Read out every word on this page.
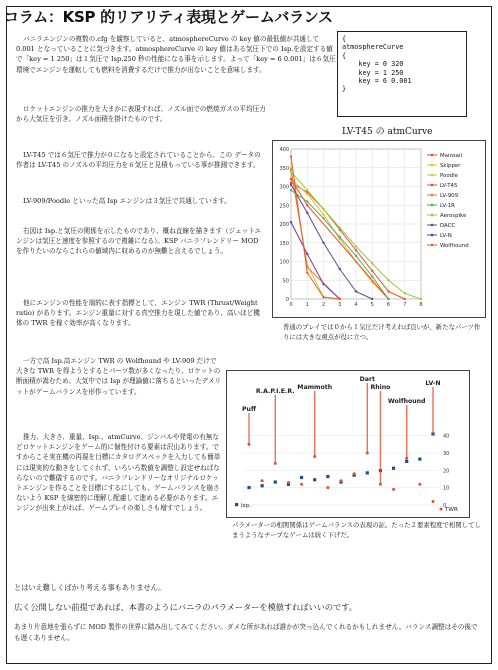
コラム：KSP 的リアリティ表現とゲームバランス
バニラエンジンの複数の.cfg を観察していると、atmosphereCurve の key 値の最低値が共通して 0.001 となっていることに気づきます。atmosphereCurve の key 値はある気圧下での Isp.を設定する値で「key = 1 250」は１気圧で Isp.250 秒の性能になる事を示します。よって「key = 6 0.001」は６気圧環境でエンジンを運転しても燃料を消費するだけで推力が出ないことを意味します。
{
atmosphereCurve
{
key = 0 320
key = 1 250
key = 6 0.001
}
LV-T45 の atmCurve
ロケットエンジンの推力を大まかに表現すれば、ノズル面での燃焼ガスの平均圧力から大気圧を引き、ノズル面積を掛けたものです。
LV-T45 では６気圧で推力が０になると設定されていることから、この データの作者は LV-T45 のノズルの平均圧力を６気圧と見積もっている事が推測できます。
LV-909/Poodle といった高 Isp エンジンは３気圧で共通しています。
右図は Isp.と気圧の関係を示したものであり、概ね直線を描きます（ジェットエンジンは気圧と速度を参照するので複雑になる）。KSP バニラフレンドリー MOD を作りたいのならこれらの値域内に収めるのが無難と言えるでしょう。
0
50
100
150
200
250
300
350
400
0	1	2	3	4	5	6	7	8
Mainsail
Skipper
Poodle
LV-T45
LV-909
LV-1R
Aerospike
DACC
LV-N
Wolfhound
普通のプレイでは０から１気圧だけ考えれば良いが、新たなパーツ作りには大きな視点が役に立つ。
他にエンジンの性能を端的に表す指標として、エンジン TWR (Thrust/Weight ratio) があります。エンジン重量に対する真空推力を現した値であり、高いほど機体の TWR を稼ぐ効率が高くなります。
一方で高 Isp.高エンジン TWR の Wolfhound や LV-909 だけで大きな TWR を得ようとするとパーツ数が多くなったり、ロケットの断面積が嵩むため、大気中では Isp が理論値に落ちるといったデメリットがゲームバランスを形作っています。
推力、大きさ、重量、Isp.、atmCurve、ジンバルや発電の有無などロケットエンジンをゲーム的に個性付ける要素は沢山あります。ですからこそ実在機の再現を目標にカタログスペックを入力しても簡単には現実的な動きをしてくれず、いろいろ数値を調整し設定せねばならないので難儀するのです。バニラフレンドリーなオリジナルロケットエンジンを作ることを目標にするにしても、ゲームバランスを崩さないよう KSP を綿密的に理解し配慮して進める必要があります。エンジンが出来上がれば、ゲームプレイの楽しさも増すでしょう。	0
10
20
30
40
Puff
R.A.P.I.E.R.
Mammoth
Dart
Rhino
Wolfhound
LV-N
Isp.
TWR
パラメーターの相関関係はゲームバランスの表現の証。たった２要素程度で相関してしまうようなチープなゲームは続く下げだ。
とはいえ難しくばかり考える事もありません。
広く公開しない前提であれば、本書のようにバニラのパラメーターを模倣すればいいのです。
あまり片意地を張らずに MOD 製作の世界に踏み出してみてください。ダメな所があれば誰かが突っ込んでくれるかもしれません。バランス調整はその後でも遅くありません。
